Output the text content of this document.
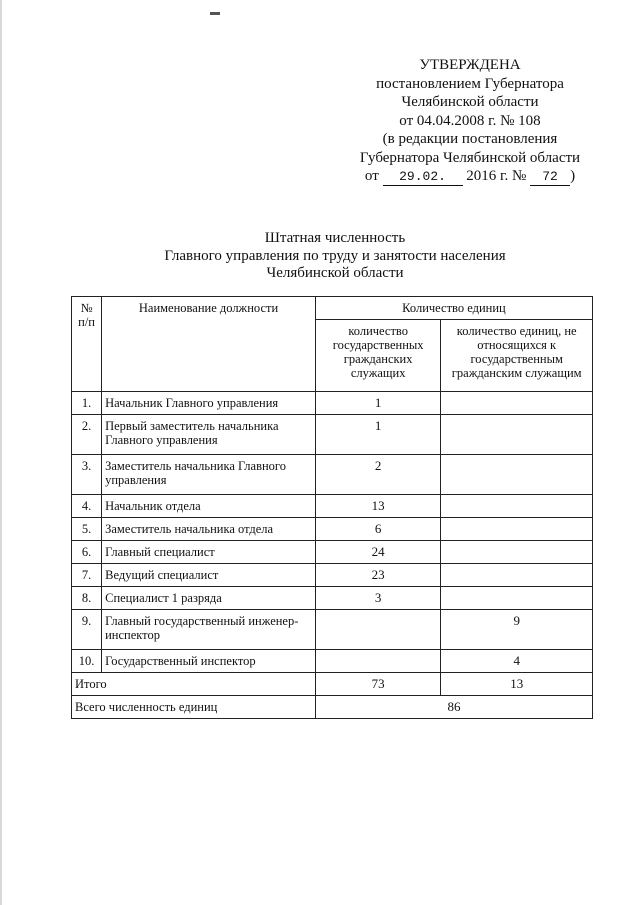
УТВЕРЖДЕНА
постановлением Губернатора
Челябинской области
от 04.04.2008 г. № 108
(в редакции постановления
Губернатора Челябинской области
от 29.02. 2016 г. № 72 )
Штатная численность
Главного управления по труду и занятости населения
Челябинской области
№ п/п	Наименование должности	Количество единиц	
		количество государственных гражданских служащих	количество единиц, не относящихся к государственным гражданским служащим
1.	Начальник Главного управления	1	
2.	Первый заместитель начальника Главного управления	1	
3.	Заместитель начальника Главного управления	2	
4.	Начальник отдела	13	
5.	Заместитель начальника отдела	6	
6.	Главный специалист	24	
7.	Ведущий специалист	23	
8.	Специалист 1 разряда	3	
9.	Главный государственный инженер-инспектор		9
10.	Государственный инспектор		4
Итого		73	13
Всего численность единиц		86	
